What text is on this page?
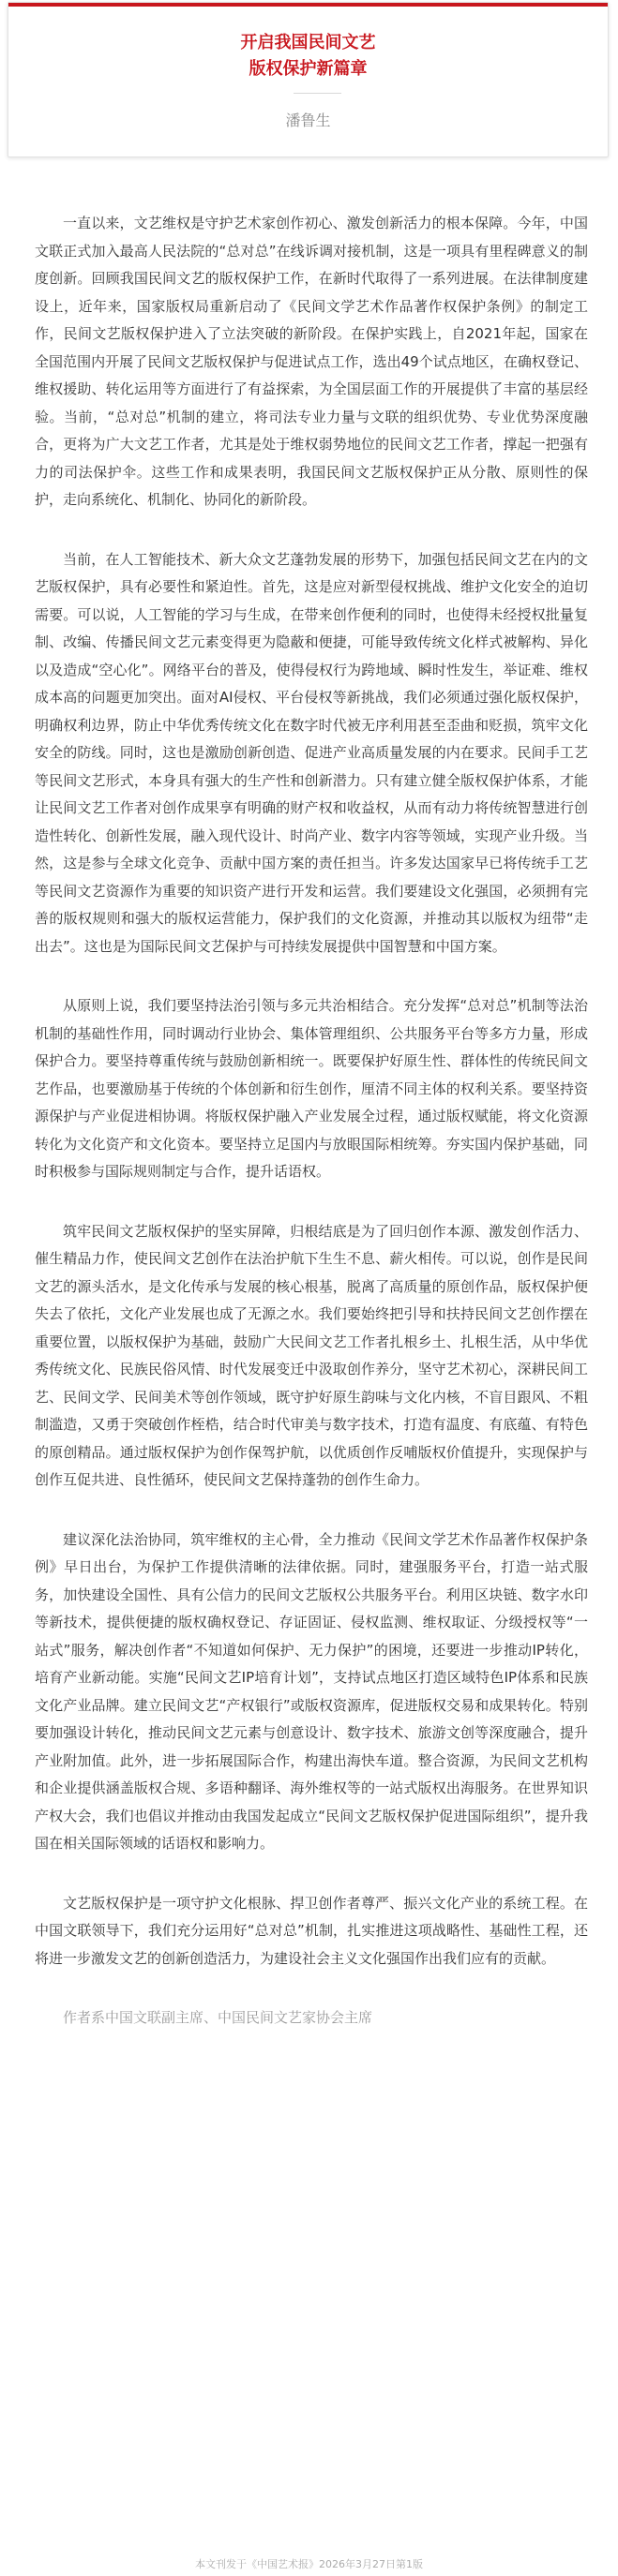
开启我国民间文艺
版权保护新篇章
潘鲁生

一直以来，文艺维权是守护艺术家创作初心、激发创新活力的根本保障。今年，中国文联正式加入最高人民法院的“总对总”在线诉调对接机制，这是一项具有里程碑意义的制度创新。回顾我国民间文艺的版权保护工作，在新时代取得了一系列进展。在法律制度建设上，近年来，国家版权局重新启动了《民间文学艺术作品著作权保护条例》的制定工作，民间文艺版权保护进入了立法突破的新阶段。在保护实践上，自2021年起，国家在全国范围内开展了民间文艺版权保护与促进试点工作，选出49个试点地区，在确权登记、维权援助、转化运用等方面进行了有益探索，为全国层面工作的开展提供了丰富的基层经验。当前，“总对总”机制的建立，将司法专业力量与文联的组织优势、专业优势深度融合，更将为广大文艺工作者，尤其是处于维权弱势地位的民间文艺工作者，撑起一把强有力的司法保护伞。这些工作和成果表明，我国民间文艺版权保护正从分散、原则性的保护，走向系统化、机制化、协同化的新阶段。

当前，在人工智能技术、新大众文艺蓬勃发展的形势下，加强包括民间文艺在内的文艺版权保护，具有必要性和紧迫性。首先，这是应对新型侵权挑战、维护文化安全的迫切需要。可以说，人工智能的学习与生成，在带来创作便利的同时，也使得未经授权批量复制、改编、传播民间文艺元素变得更为隐蔽和便捷，可能导致传统文化样式被解构、异化以及造成“空心化”。网络平台的普及，使得侵权行为跨地域、瞬时性发生，举证难、维权成本高的问题更加突出。面对AI侵权、平台侵权等新挑战，我们必须通过强化版权保护，明确权利边界，防止中华优秀传统文化在数字时代被无序利用甚至歪曲和贬损，筑牢文化安全的防线。同时，这也是激励创新创造、促进产业高质量发展的内在要求。民间手工艺等民间文艺形式，本身具有强大的生产性和创新潜力。只有建立健全版权保护体系，才能让民间文艺工作者对创作成果享有明确的财产权和收益权，从而有动力将传统智慧进行创造性转化、创新性发展，融入现代设计、时尚产业、数字内容等领域，实现产业升级。当然，这是参与全球文化竞争、贡献中国方案的责任担当。许多发达国家早已将传统手工艺等民间文艺资源作为重要的知识资产进行开发和运营。我们要建设文化强国，必须拥有完善的版权规则和强大的版权运营能力，保护我们的文化资源，并推动其以版权为纽带“走出去”。这也是为国际民间文艺保护与可持续发展提供中国智慧和中国方案。

从原则上说，我们要坚持法治引领与多元共治相结合。充分发挥“总对总”机制等法治机制的基础性作用，同时调动行业协会、集体管理组织、公共服务平台等多方力量，形成保护合力。要坚持尊重传统与鼓励创新相统一。既要保护好原生性、群体性的传统民间文艺作品，也要激励基于传统的个体创新和衍生创作，厘清不同主体的权利关系。要坚持资源保护与产业促进相协调。将版权保护融入产业发展全过程，通过版权赋能，将文化资源转化为文化资产和文化资本。要坚持立足国内与放眼国际相统筹。夯实国内保护基础，同时积极参与国际规则制定与合作，提升话语权。

筑牢民间文艺版权保护的坚实屏障，归根结底是为了回归创作本源、激发创作活力、催生精品力作，使民间文艺创作在法治护航下生生不息、薪火相传。可以说，创作是民间文艺的源头活水，是文化传承与发展的核心根基，脱离了高质量的原创作品，版权保护便失去了依托，文化产业发展也成了无源之水。我们要始终把引导和扶持民间文艺创作摆在重要位置，以版权保护为基础，鼓励广大民间文艺工作者扎根乡土、扎根生活，从中华优秀传统文化、民族民俗风情、时代发展变迁中汲取创作养分，坚守艺术初心，深耕民间工艺、民间文学、民间美术等创作领域，既守护好原生韵味与文化内核，不盲目跟风、不粗制滥造，又勇于突破创作桎梏，结合时代审美与数字技术，打造有温度、有底蕴、有特色的原创精品。通过版权保护为创作保驾护航，以优质创作反哺版权价值提升，实现保护与创作互促共进、良性循环，使民间文艺保持蓬勃的创作生命力。

建议深化法治协同，筑牢维权的主心骨，全力推动《民间文学艺术作品著作权保护条例》早日出台，为保护工作提供清晰的法律依据。同时，建强服务平台，打造一站式服务，加快建设全国性、具有公信力的民间文艺版权公共服务平台。利用区块链、数字水印等新技术，提供便捷的版权确权登记、存证固证、侵权监测、维权取证、分级授权等“一站式”服务，解决创作者“不知道如何保护、无力保护”的困境，还要进一步推动IP转化，培育产业新动能。实施“民间文艺IP培育计划”，支持试点地区打造区域特色IP体系和民族文化产业品牌。建立民间文艺“产权银行”或版权资源库，促进版权交易和成果转化。特别要加强设计转化，推动民间文艺元素与创意设计、数字技术、旅游文创等深度融合，提升产业附加值。此外，进一步拓展国际合作，构建出海快车道。整合资源，为民间文艺机构和企业提供涵盖版权合规、多语种翻译、海外维权等的一站式版权出海服务。在世界知识产权大会，我们也倡议并推动由我国发起成立“民间文艺版权保护促进国际组织”，提升我国在相关国际领域的话语权和影响力。

文艺版权保护是一项守护文化根脉、捍卫创作者尊严、振兴文化产业的系统工程。在中国文联领导下，我们充分运用好“总对总”机制，扎实推进这项战略性、基础性工程，还将进一步激发文艺的创新创造活力，为建设社会主义文化强国作出我们应有的贡献。

作者系中国文联副主席、中国民间文艺家协会主席

本文刊发于《中国艺术报》2026年3月27日第1版
